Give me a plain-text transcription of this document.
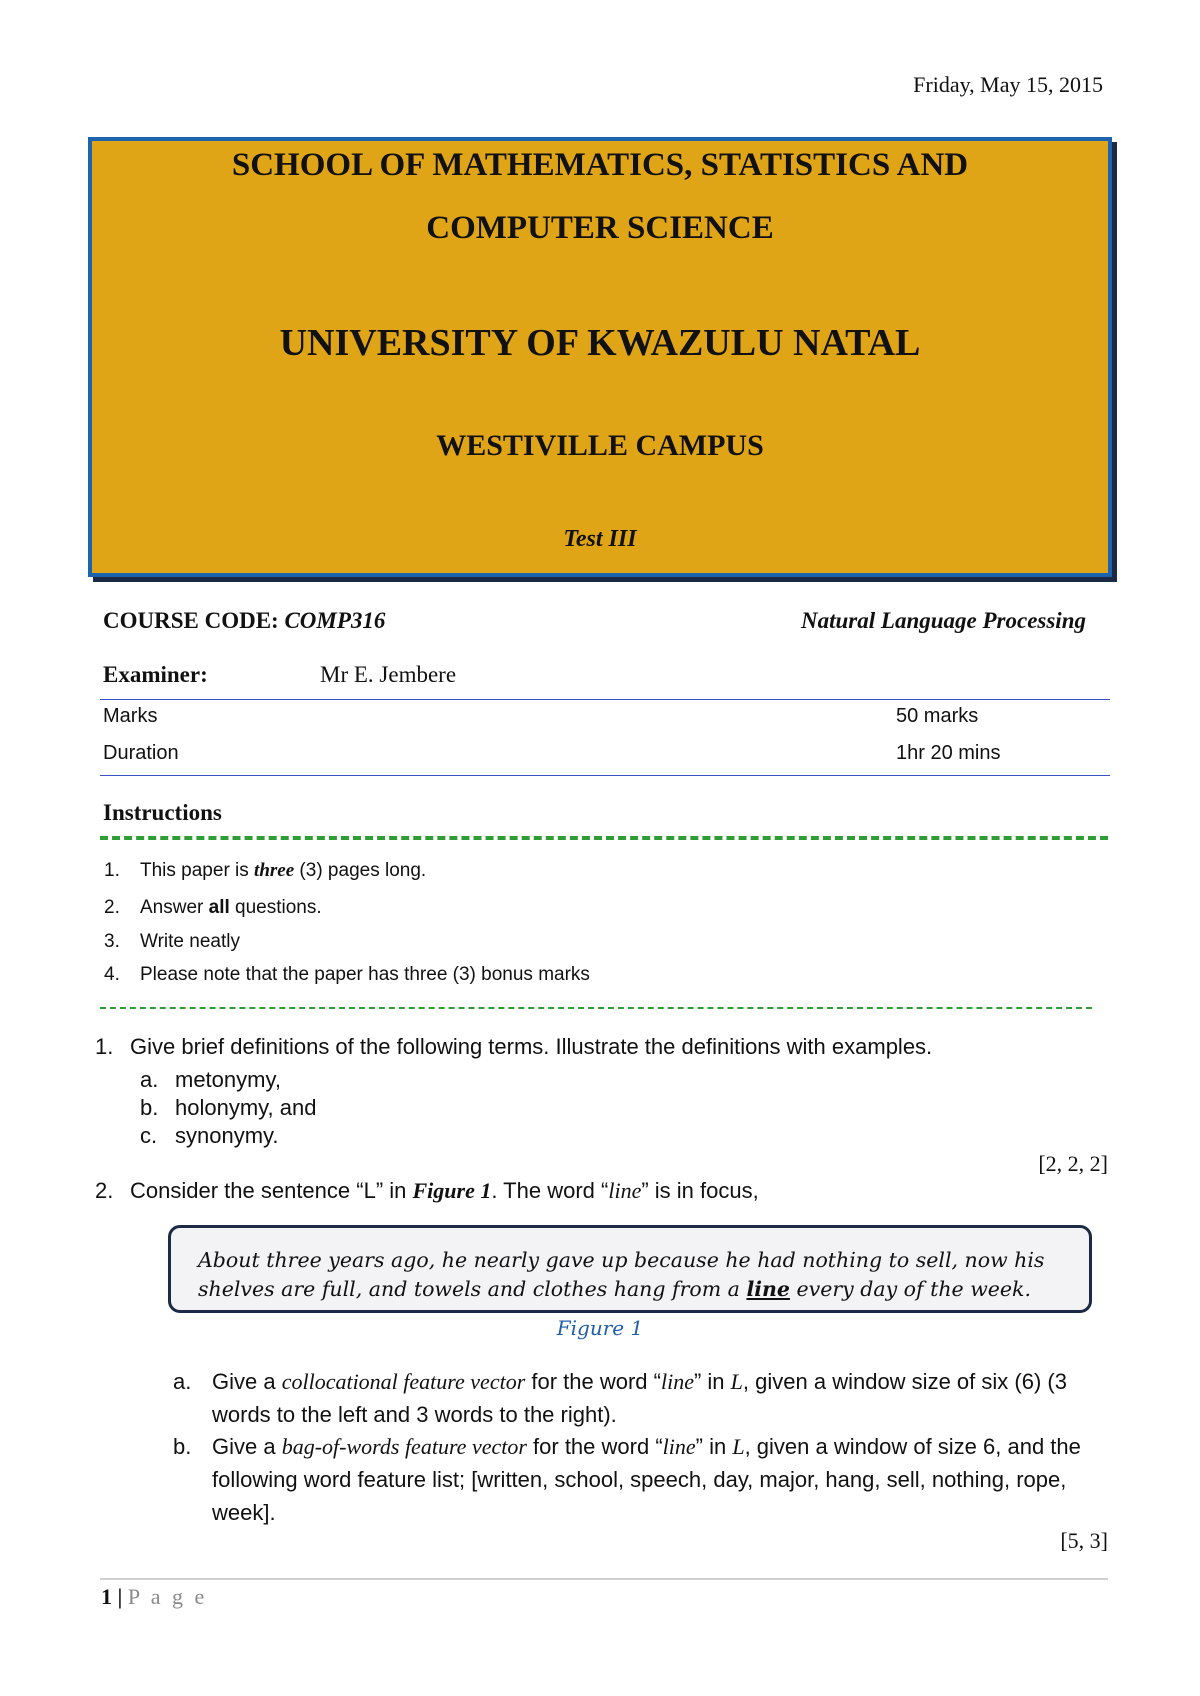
Friday, May 15, 2015
SCHOOL OF MATHEMATICS, STATISTICS AND
COMPUTER SCIENCE
UNIVERSITY OF KWAZULU NATAL
WESTIVILLE CAMPUS
Test III
COURSE CODE: COMP316	Natural Language Processing
Examiner:	Mr E. Jembere
Marks	50 marks
Duration	1hr 20 mins
Instructions
1. This paper is three (3) pages long.
2. Answer all questions.
3. Write neatly
4. Please note that the paper has three (3) bonus marks
1. Give brief definitions of the following terms. Illustrate the definitions with examples.
a. metonymy,
b. holonymy, and
c. synonymy.
[2, 2, 2]
2. Consider the sentence “L” in Figure 1. The word “line” is in focus,
About three years ago, he nearly gave up because he had nothing to sell, now his shelves are full, and towels and clothes hang from a line every day of the week.
Figure 1
a. Give a collocational feature vector for the word “line” in L, given a window size of six (6) (3 words to the left and 3 words to the right).
b. Give a bag-of-words feature vector for the word “line” in L, given a window of size 6, and the following word feature list; [written, school, speech, day, major, hang, sell, nothing, rope, week].
[5, 3]
1 | P a g e
